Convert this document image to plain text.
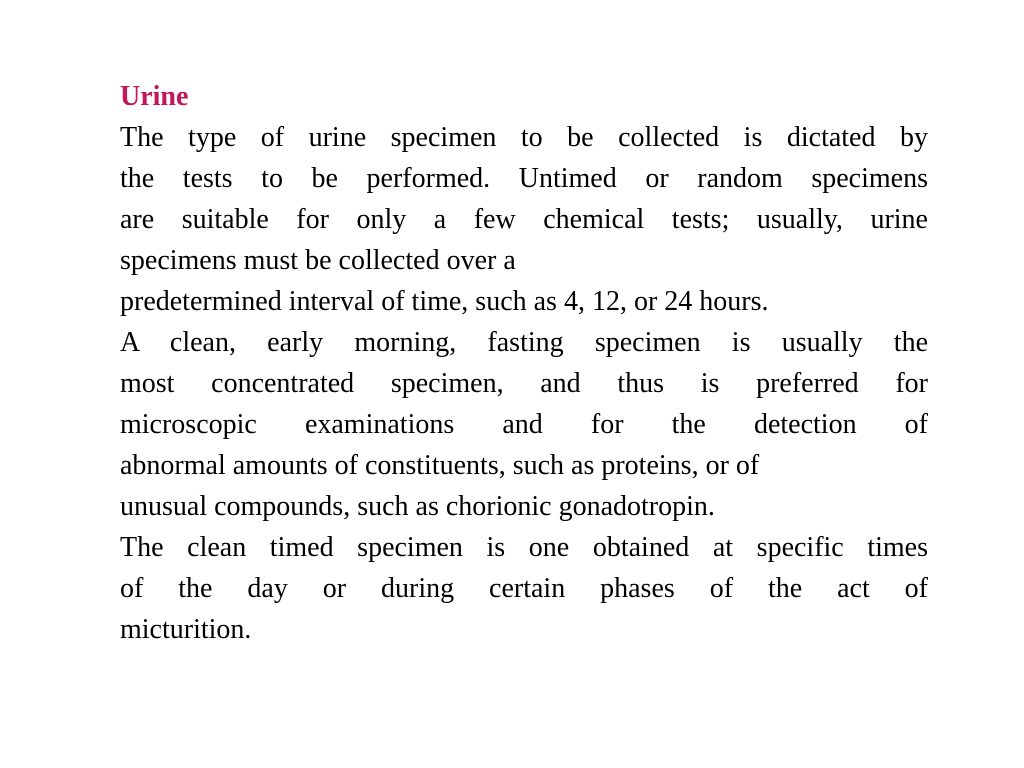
Urine
The type of urine specimen to be collected is dictated by
the tests to be performed. Untimed or random specimens
are suitable for only a few chemical tests; usually, urine
specimens must be collected over a
predetermined interval of time, such as 4, 12, or 24 hours.
A clean, early morning, fasting specimen is usually the
most concentrated specimen, and thus is preferred for
microscopic examinations and for the detection of
abnormal amounts of constituents, such as proteins, or of
unusual compounds, such as chorionic gonadotropin.
The clean timed specimen is one obtained at specific times
of the day or during certain phases of the act of
micturition.
